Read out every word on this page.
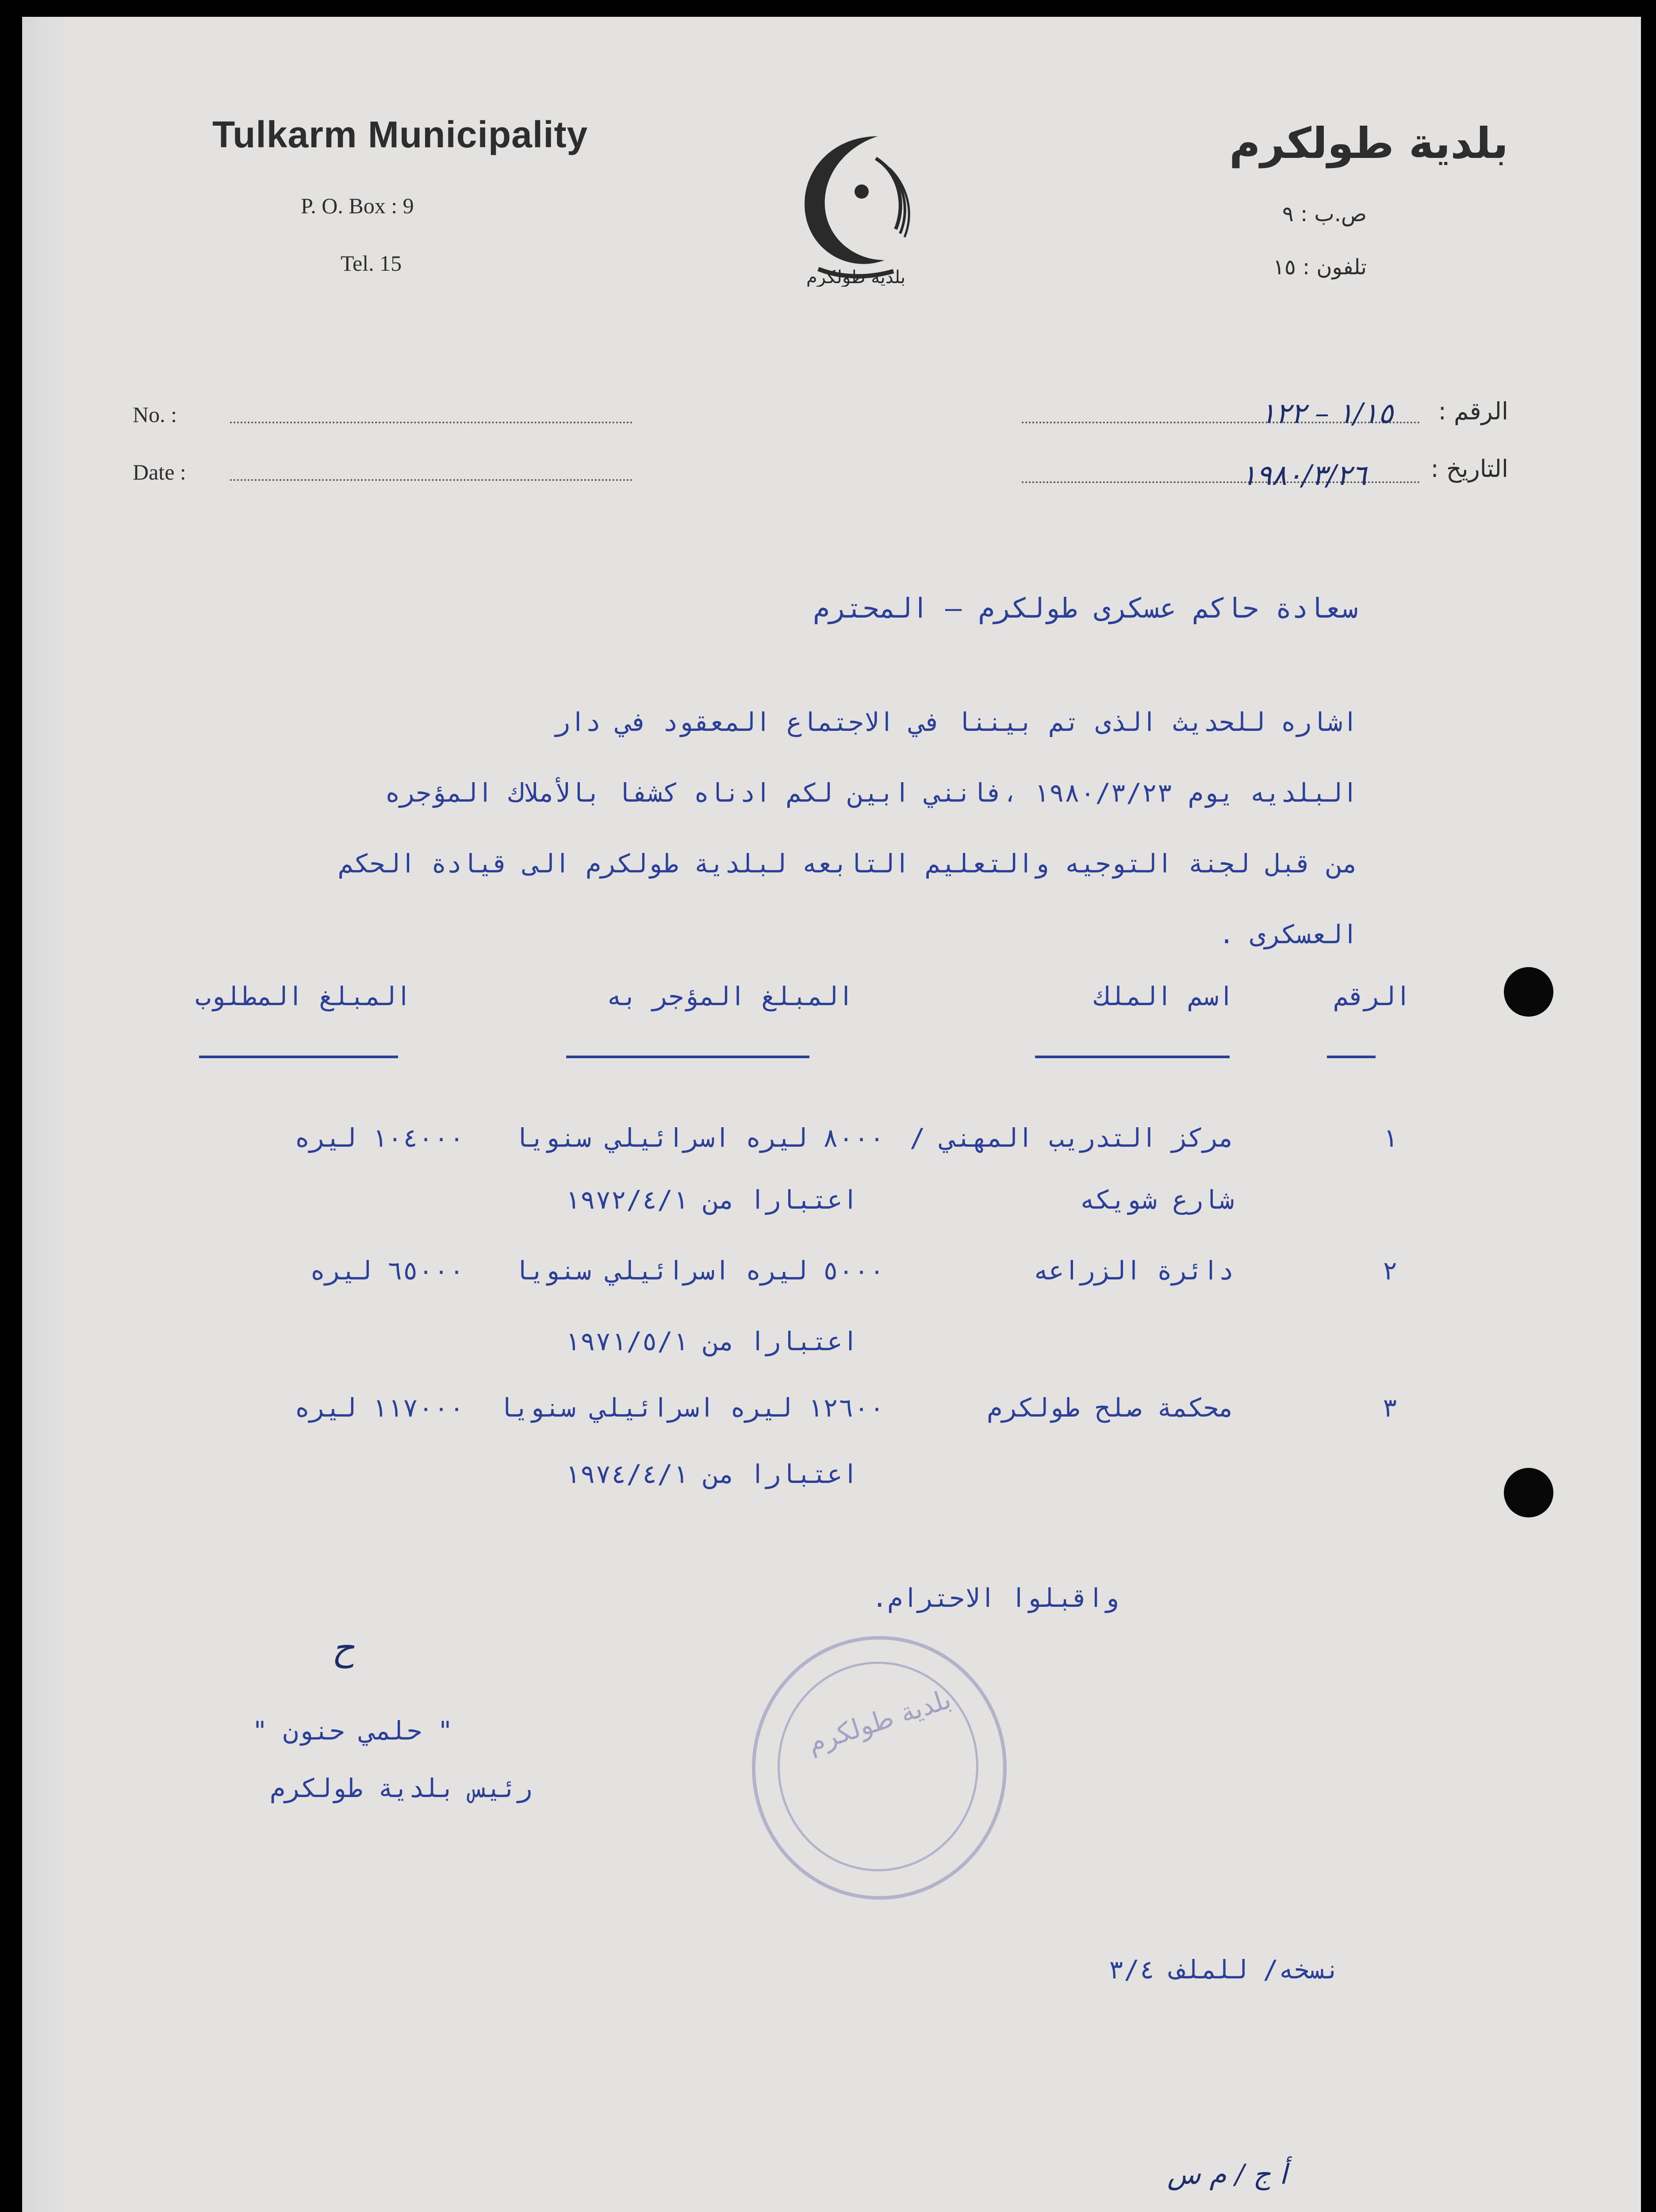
Tulkarm Municipality
P. O. Box : 9
Tel. 15
بلدية طولكرم
بلدية طولكرم
ص.ب : ٩
تلفون : ١٥
No. :
Date :
الرقم :
التاريخ :
١/١٥ – ١٢٢
١٩٨٠/٣/٢٦
سعادة حاكم عسكرى طولكرم – المحترم
اشاره للحديث الذى تم بيننا في الاجتماع المعقود في دار
البلديه يوم ١٩٨٠/٣/٢٣ ،فانني ابين لكم ادناه كشفا بالأملاك المؤجره
من قبل لجنة التوجيه والتعليم التابعه لبلدية طولكرم الى قيادة الحكم
العسكرى .
الرقم
اسم الملك
المبلغ المؤجر به
المبلغ المطلوب
١
مركز التدريب المهني /
شارع شويكه
٨٠٠٠ ليره اسرائيلي سنويا
اعتبارا من ١٩٧٢/٤/١
١٠٤٠٠٠ ليره
٢
دائرة الزراعه
٥٠٠٠ ليره اسرائيلي سنويا
اعتبارا من ١٩٧١/٥/١
٦٥٠٠٠ ليره
٣
محكمة صلح طولكرم
١٢٦٠٠ ليره اسرائيلي سنويا
اعتبارا من ١٩٧٤/٤/١
١١٧٠٠٠ ليره
واقبلوا الاحترام.
ح
" حلمي حنون "
رئيس بلدية طولكرم
بلدية طولكرم
نسخه/ للملف ٣/٤
أ ج / م س
